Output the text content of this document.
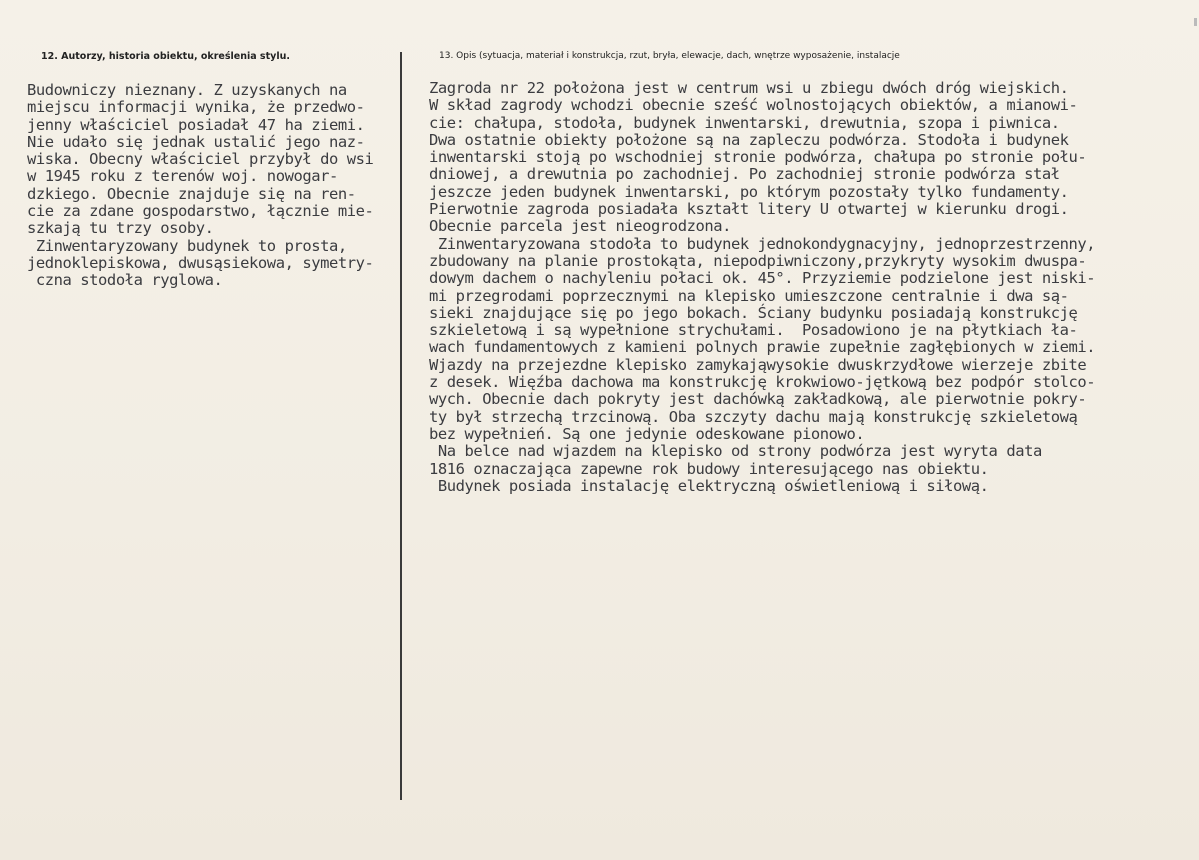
12. Autorzy, historia obiektu, określenia stylu.	13. Opis (sytuacja, materiał i konstrukcja, rzut, bryła, elewacje, dach, wnętrze wyposażenie, instalacje
Budowniczy nieznany. Z uzyskanych na
miejscu informacji wynika, że przedwo-
jenny właściciel posiadał 47 ha ziemi.
Nie udało się jednak ustalić jego naz-
wiska. Obecny właściciel przybył do wsi
w 1945 roku z terenów woj. nowogar-
dzkiego. Obecnie znajduje się na ren-
cie za zdane gospodarstwo, łącznie mie-
szkają tu trzy osoby.
Zinwentaryzowany budynek to prosta,
jednoklepiskowa, dwusąsiekowa, symetry-
czna stodoła ryglowa.
Zagroda nr 22 położona jest w centrum wsi u zbiegu dwóch dróg wiejskich.
W skład zagrody wchodzi obecnie sześć wolnostojących obiektów, a mianowi-
cie: chałupa, stodoła, budynek inwentarski, drewutnia, szopa i piwnica.
Dwa ostatnie obiekty położone są na zapleczu podwórza. Stodoła i budynek
inwentarski stoją po wschodniej stronie podwórza, chałupa po stronie połu-
dniowej, a drewutnia po zachodniej. Po zachodniej stronie podwórza stał
jeszcze jeden budynek inwentarski, po którym pozostały tylko fundamenty.
Pierwotnie zagroda posiadała kształt litery U otwartej w kierunku drogi.
Obecnie parcela jest nieogrodzona.
Zinwentaryzowana stodoła to budynek jednokondygnacyjny, jednoprzestrzenny,
zbudowany na planie prostokąta, niepodpiwniczony,przykryty wysokim dwuspa-
dowym dachem o nachyleniu połaci ok. 45°. Przyziemie podzielone jest niski-
mi przegrodami poprzecznymi na klepisko umieszczone centralnie i dwa są-
sieki znajdujące się po jego bokach. Ściany budynku posiadają konstrukcję
szkieletową i są wypełnione strychułami.  Posadowiono je na płytkiach ła-
wach fundamentowych z kamieni polnych prawie zupełnie zagłębionych w ziemi.
Wjazdy na przejezdne klepisko zamykająwysokie dwuskrzydłowe wierzeje zbite
z desek. Więźba dachowa ma konstrukcję krokwiowo-jętkową bez podpór stolco-
wych. Obecnie dach pokryty jest dachówką zakładkową, ale pierwotnie pokry-
ty był strzechą trzcinową. Oba szczyty dachu mają konstrukcję szkieletową
bez wypełnień. Są one jedynie odeskowane pionowo.
Na belce nad wjazdem na klepisko od strony podwórza jest wyryta data
1816 oznaczająca zapewne rok budowy interesującego nas obiektu.
Budynek posiada instalację elektryczną oświetleniową i siłową.
